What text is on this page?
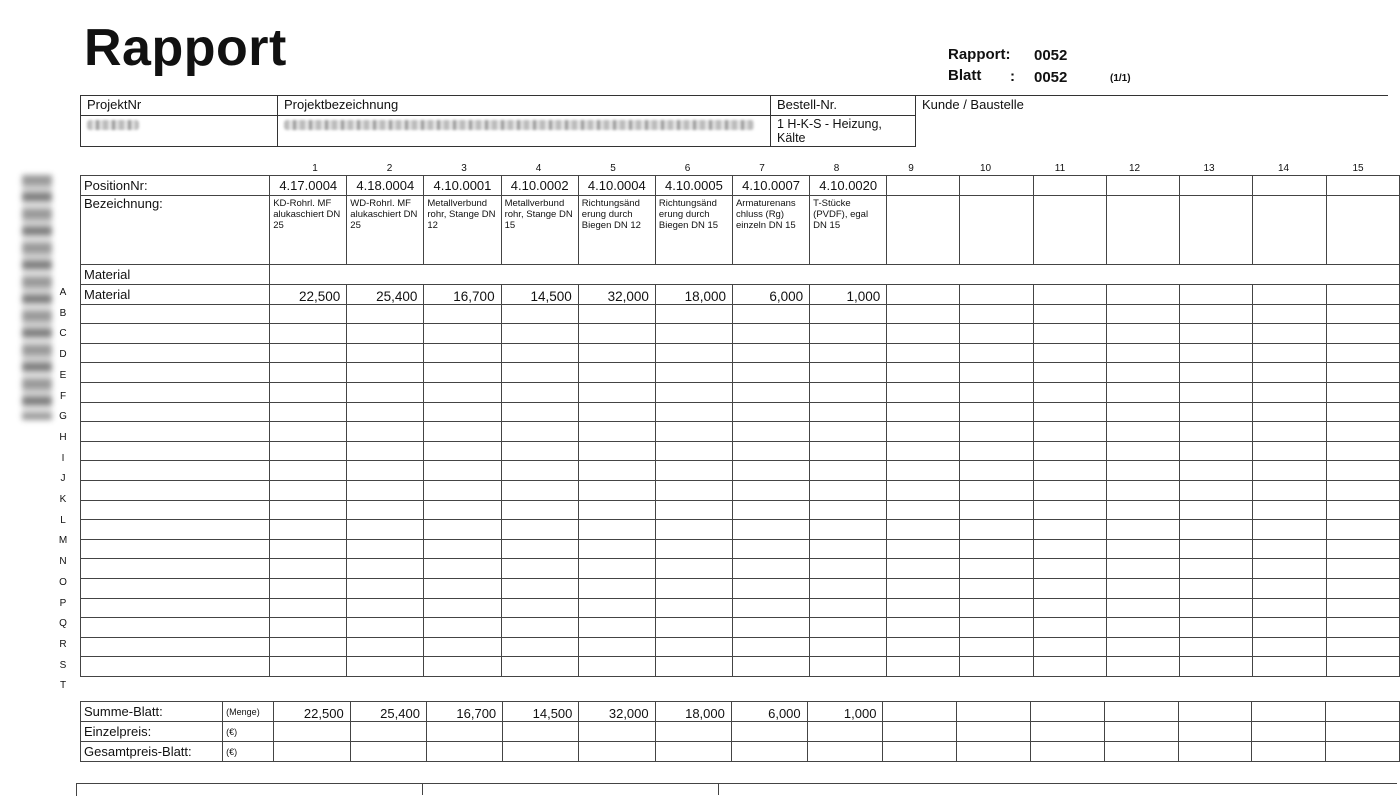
Rapport	Rapport: 0052
Blatt : 0052	(1/1)
ProjektNr	Projektbezeichnung	Bestell-Nr.	Kunde / Baustelle
		1 H-K-S - Heizung, Kälte	
1	2	3	4	5	6	7	8	9	10	11	12	13	14	15
PositionNr:	4.17.0004	4.18.0004	4.10.0001	4.10.0002	4.10.0004	4.10.0005	4.10.0007	4.10.0020							
Bezeichnung:	KD-Rohrl. MF alukaschiert DN 25	WD-Rohrl. MF alukaschiert DN 25	Metallverbund rohr, Stange DN 12	Metallverbund rohr, Stange DN 15	Richtungsänd erung durch Biegen DN 12	Richtungsänd erung durch Biegen DN 15	Armaturenans chluss (Rg) einzeln DN 15	T-Stücke (PVDF), egal DN 15							
Material															
Material	22,500	25,400	16,700	14,500	32,000	18,000	6,000	1,000							

A
B
C
D
E
F
G
H
I
J
K
L
M
N
O
P
Q
R
S
T
Summe-Blatt:	(Menge)	22,500	25,400	16,700	14,500	32,000	18,000	6,000	1,000							
Einzelpreis:	(€)															
Gesamtpreis-Blatt:	(€)															
